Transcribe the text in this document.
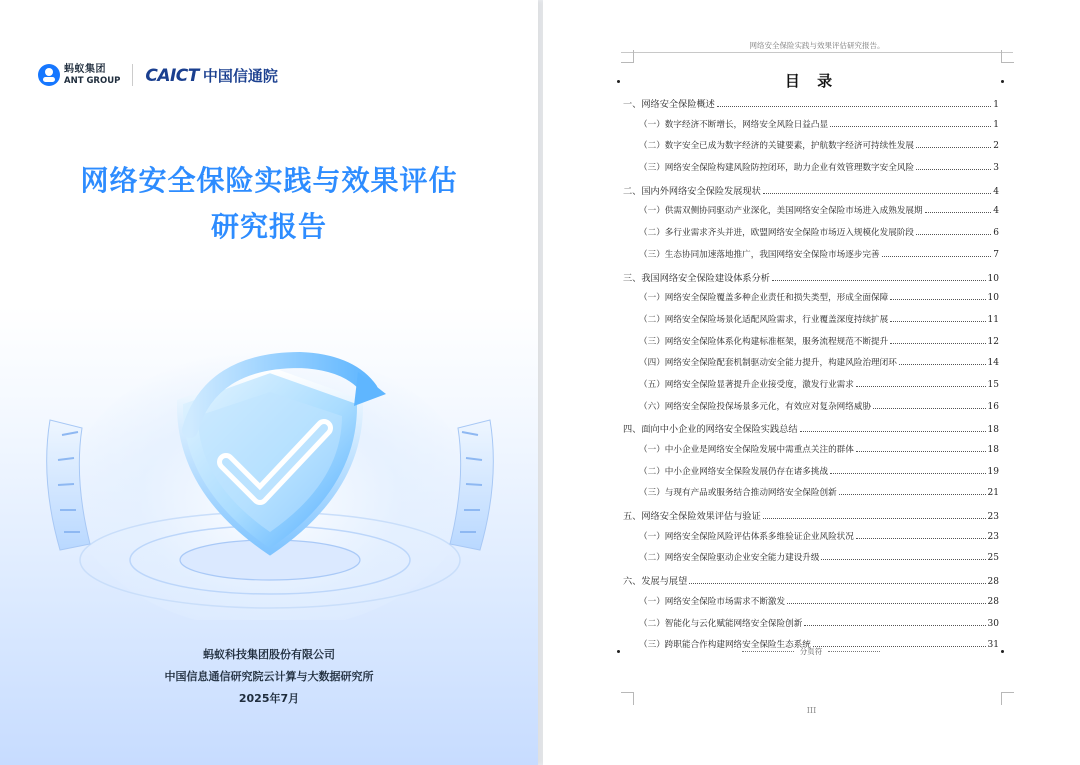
蚂蚁集团
ANT GROUP CAICT 中国信通院
网络安全保险实践与效果评估
研究报告
蚂蚁科技集团股份有限公司
中国信息通信研究院云计算与大数据研究所
2025年7月
网络安全保险实践与效果评估研究报告。
目 录
一、网络安全保险概述	1
（一）数字经济不断增长，网络安全风险日益凸显	1
（二）数字安全已成为数字经济的关键要素，护航数字经济可持续性发展	2
（三）网络安全保险构建风险防控闭环，助力企业有效管理数字安全风险	3
二、国内外网络安全保险发展现状	4
（一）供需双侧协同驱动产业深化，美国网络安全保险市场进入成熟发展期	4
（二）多行业需求齐头并进，欧盟网络安全保险市场迈入规模化发展阶段	6
（三）生态协同加速落地推广，我国网络安全保险市场逐步完善	7
三、我国网络安全保险建设体系分析	10
（一）网络安全保险覆盖多种企业责任和损失类型，形成全面保障	10
（二）网络安全保险场景化适配风险需求，行业覆盖深度持续扩展	11
（三）网络安全保险体系化构建标准框架，服务流程规范不断提升	12
（四）网络安全保险配套机制驱动安全能力提升，构建风险治理闭环	14
（五）网络安全保险显著提升企业接受度，激发行业需求	15
（六）网络安全保险投保场景多元化，有效应对复杂网络威胁	16
四、面向中小企业的网络安全保险实践总结	18
（一）中小企业是网络安全保险发展中需重点关注的群体	18
（二）中小企业网络安全保险发展仍存在诸多挑战	19
（三）与现有产品或服务结合推动网络安全保险创新	21
五、网络安全保险效果评估与验证	23
（一）网络安全保险风险评估体系多维验证企业风险状况	23
（二）网络安全保险驱动企业安全能力建设升级	25
六、发展与展望	28
（一）网络安全保险市场需求不断激发	28
（二）智能化与云化赋能网络安全保险创新	30
（三）跨职能合作构建网络安全保险生态系统	31
分页符
III
